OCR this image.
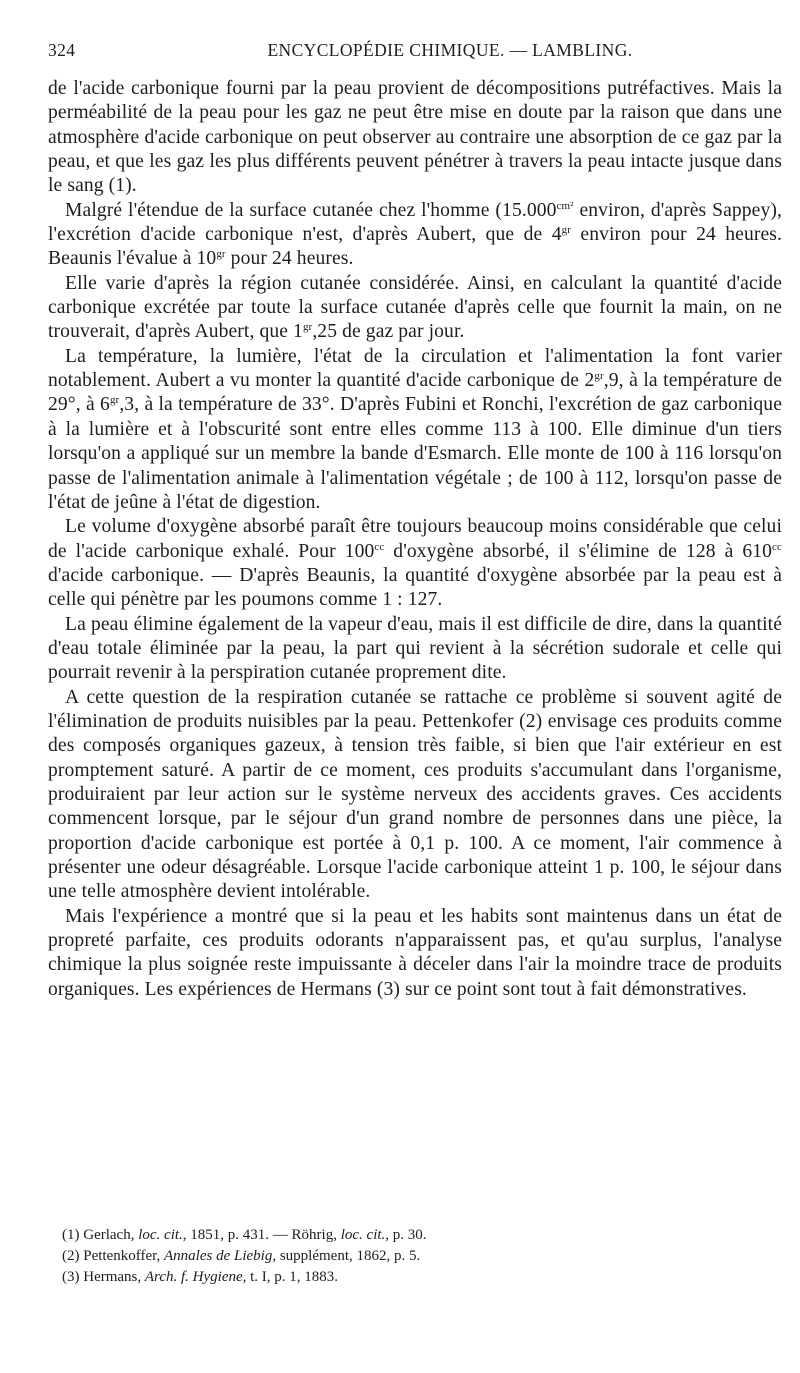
324	ENCYCLOPÉDIE CHIMIQUE. — LAMBLING.

de l'acide carbonique fourni par la peau provient de décompositions putréfactives. Mais la perméabilité de la peau pour les gaz ne peut être mise en doute par la raison que dans une atmosphère d'acide carbonique on peut observer au contraire une absorption de ce gaz par la peau, et que les gaz les plus différents peuvent pénétrer à travers la peau intacte jusque dans le sang (1).

Malgré l'étendue de la surface cutanée chez l'homme ($15.000^{cm^2}$ environ, d'après Sappey), l'excrétion d'acide carbonique n'est, d'après Aubert, que de $4^{gr}$ environ pour 24 heures. Beaunis l'évalue à $10^{gr}$ pour 24 heures.

Elle varie d'après la région cutanée considérée. Ainsi, en calculant la quantité d'acide carbonique excrétée par toute la surface cutanée d'après celle que fournit la main, on ne trouverait, d'après Aubert, que $1^{gr},25$ de gaz par jour.

La température, la lumière, l'état de la circulation et l'alimentation la font varier notablement. Aubert a vu monter la quantité d'acide carbonique de $2^{gr},9$, à la température de 29°, à $6^{gr},3$, à la température de 33°. D'après Fubini et Ronchi, l'excrétion de gaz carbonique à la lumière et à l'obscurité sont entre elles comme 113 à 100. Elle diminue d'un tiers lorsqu'on a appliqué sur un membre la bande d'Esmarch. Elle monte de 100 à 116 lorsqu'on passe de l'alimentation animale à l'alimentation végétale ; de 100 à 112, lorsqu'on passe de l'état de jeûne à l'état de digestion.

Le volume d'oxygène absorbé paraît être toujours beaucoup moins considérable que celui de l'acide carbonique exhalé. Pour $100^{cc}$ d'oxygène absorbé, il s'élimine de 128 à $610^{cc}$ d'acide carbonique. — D'après Beaunis, la quantité d'oxygène absorbée par la peau est à celle qui pénètre par les poumons comme 1 : 127.

La peau élimine également de la vapeur d'eau, mais il est difficile de dire, dans la quantité d'eau totale éliminée par la peau, la part qui revient à la sécrétion sudorale et celle qui pourrait revenir à la perspiration cutanée proprement dite.

A cette question de la respiration cutanée se rattache ce problème si souvent agité de l'élimination de produits nuisibles par la peau. Pettenkofer (2) envisage ces produits comme des composés organiques gazeux, à tension très faible, si bien que l'air extérieur en est promptement saturé. A partir de ce moment, ces produits s'accumulant dans l'organisme, produiraient par leur action sur le système nerveux des accidents graves. Ces accidents commencent lorsque, par le séjour d'un grand nombre de personnes dans une pièce, la proportion d'acide carbonique est portée à 0,1 p. 100. A ce moment, l'air commence à présenter une odeur désagréable. Lorsque l'acide carbonique atteint 1 p. 100, le séjour dans une telle atmosphère devient intolérable.

Mais l'expérience a montré que si la peau et les habits sont maintenus dans un état de propreté parfaite, ces produits odorants n'apparaissent pas, et qu'au surplus, l'analyse chimique la plus soignée reste impuissante à déceler dans l'air la moindre trace de produits organiques. Les expériences de Hermans (3) sur ce point sont tout à fait démonstratives.

(1) Gerlach, loc. cit., 1851, p. 431. — Röhrig, loc. cit., p. 30.

(2) Pettenkoffer, Annales de Liebig, supplément, 1862, p. 5.

(3) Hermans, Arch. f. Hygiene, t. I, p. 1, 1883.
